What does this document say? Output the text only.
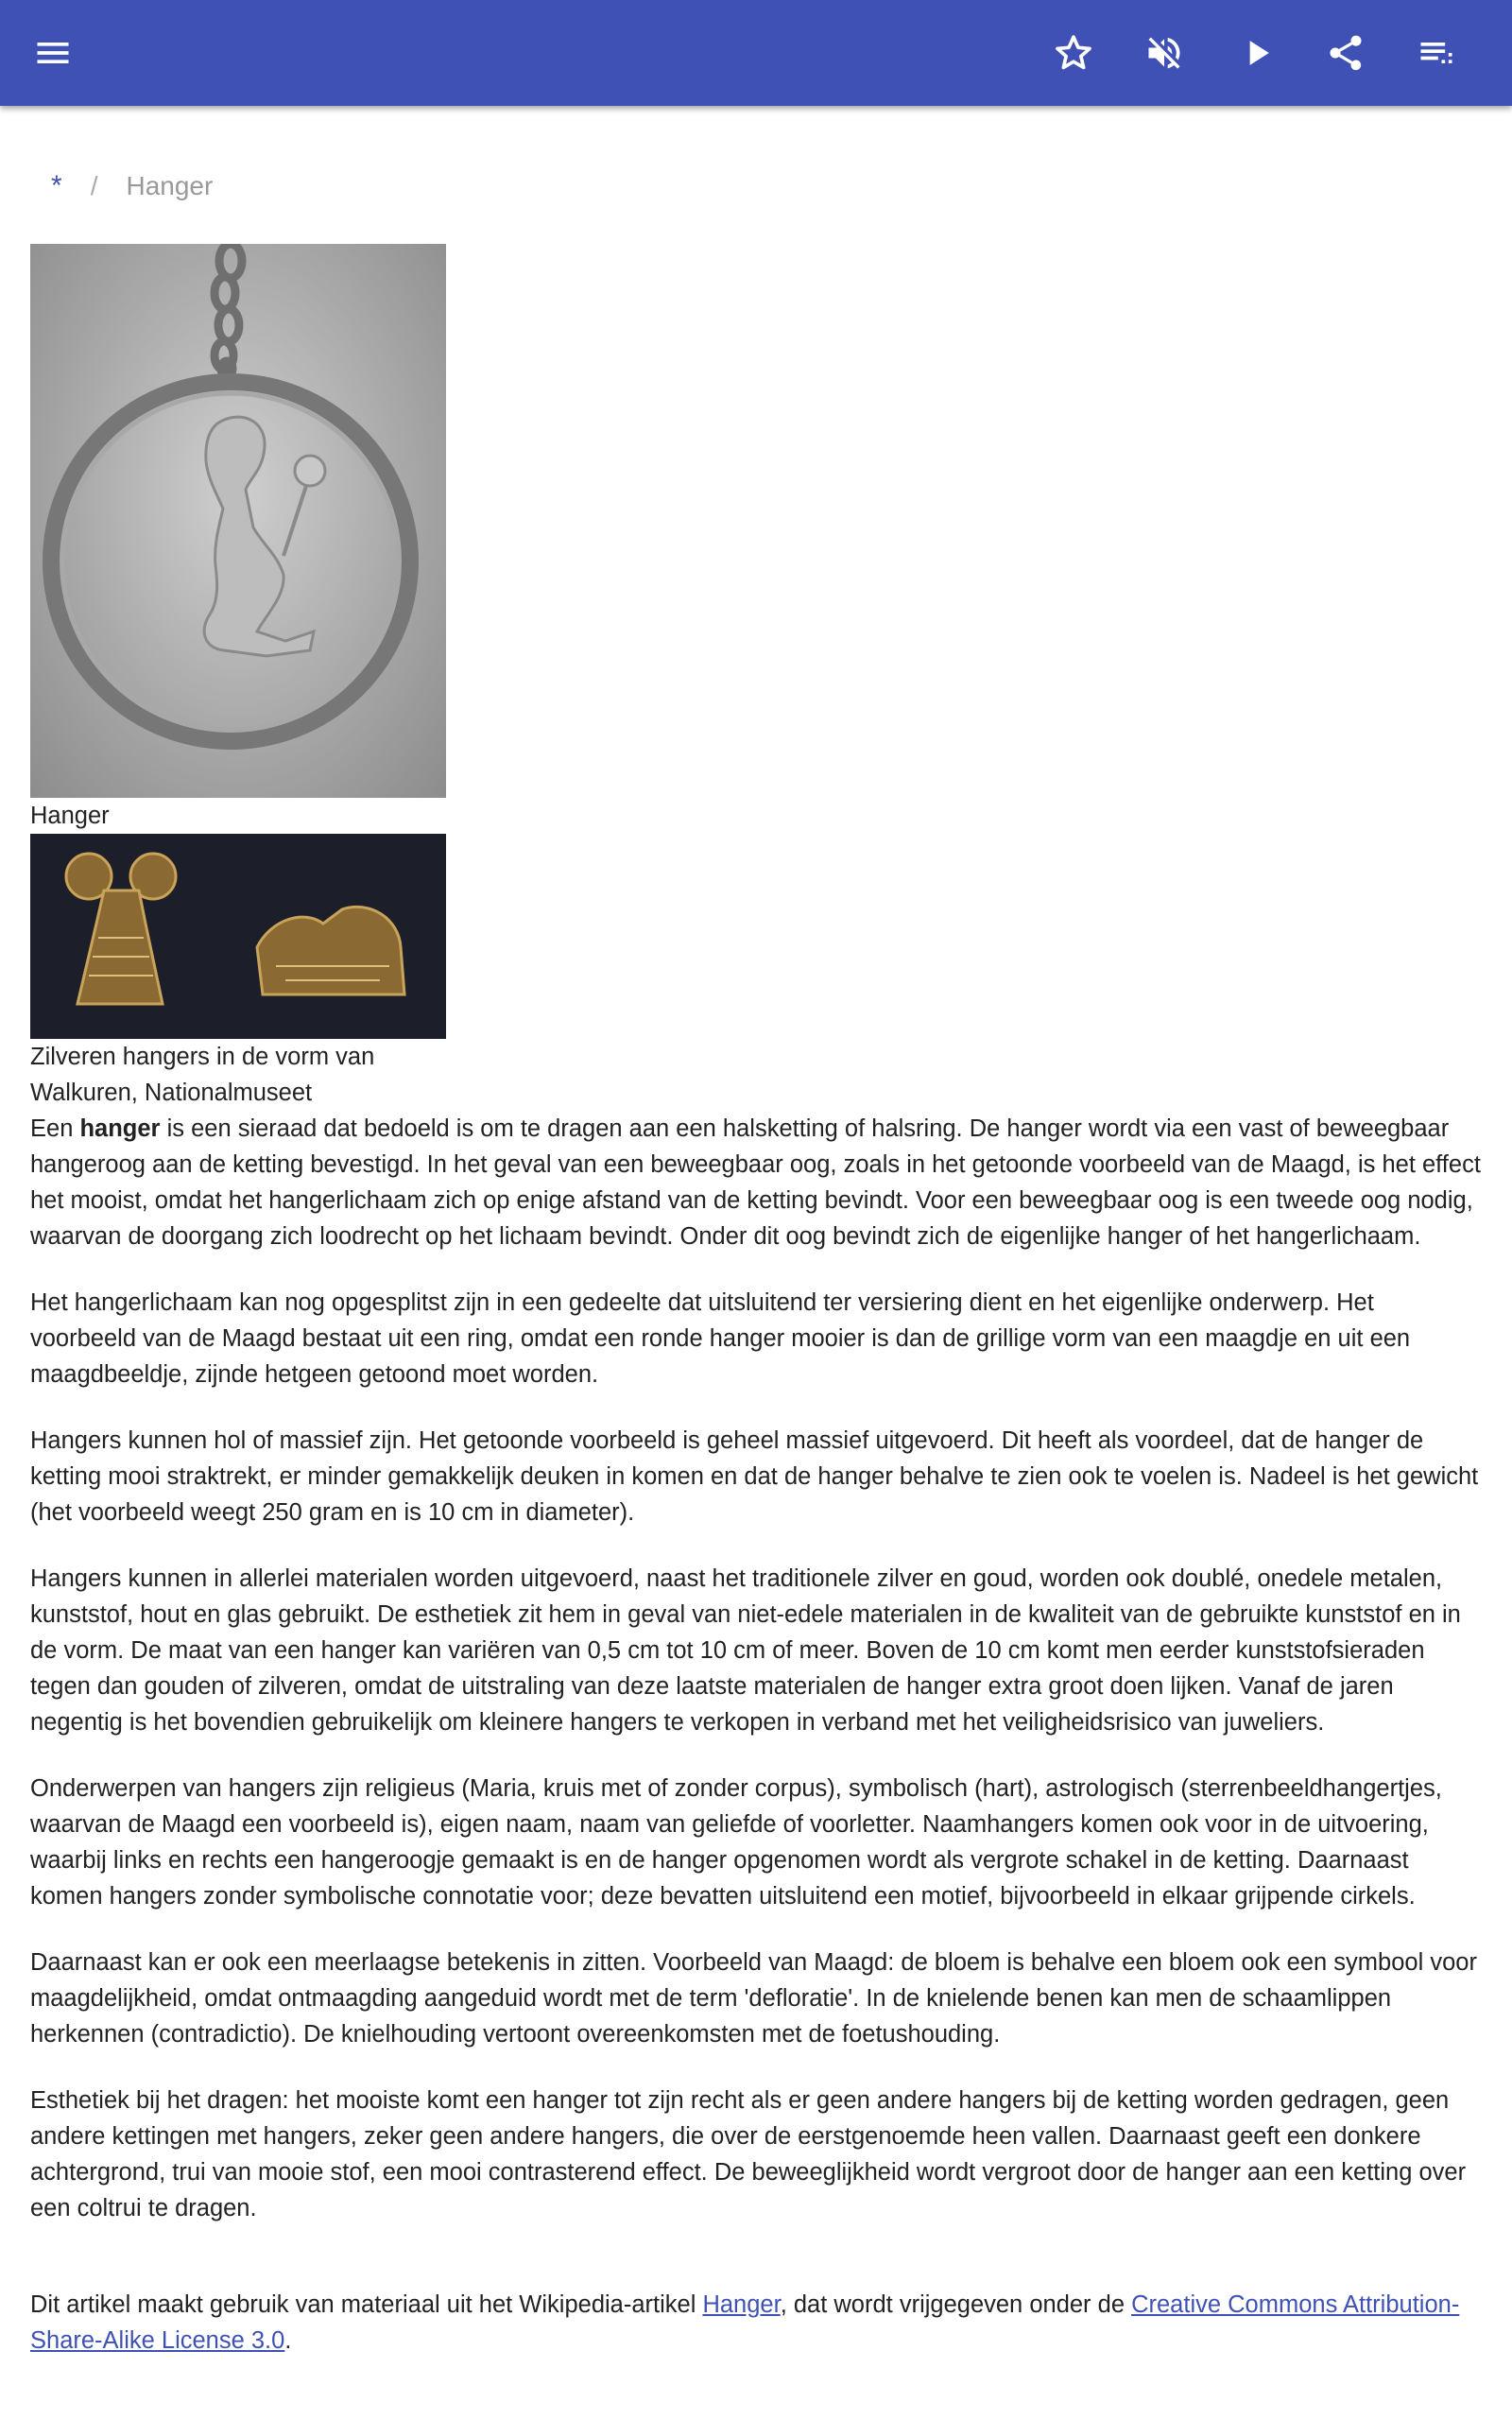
* / Hanger
Hanger
Zilveren hangers in de vorm van Walkuren, Nationalmuseet

Een hanger is een sieraad dat bedoeld is om te dragen aan een halsketting of halsring. De hanger wordt via een vast of beweegbaar hangeroog aan de ketting bevestigd. In het geval van een beweegbaar oog, zoals in het getoonde voorbeeld van de Maagd, is het effect het mooist, omdat het hangerlichaam zich op enige afstand van de ketting bevindt. Voor een beweegbaar oog is een tweede oog nodig, waarvan de doorgang zich loodrecht op het lichaam bevindt. Onder dit oog bevindt zich de eigenlijke hanger of het hangerlichaam.

Het hangerlichaam kan nog opgesplitst zijn in een gedeelte dat uitsluitend ter versiering dient en het eigenlijke onderwerp. Het voorbeeld van de Maagd bestaat uit een ring, omdat een ronde hanger mooier is dan de grillige vorm van een maagdje en uit een maagdbeeldje, zijnde hetgeen getoond moet worden.

Hangers kunnen hol of massief zijn. Het getoonde voorbeeld is geheel massief uitgevoerd. Dit heeft als voordeel, dat de hanger de ketting mooi straktrekt, er minder gemakkelijk deuken in komen en dat de hanger behalve te zien ook te voelen is. Nadeel is het gewicht (het voorbeeld weegt 250 gram en is 10 cm in diameter).

Hangers kunnen in allerlei materialen worden uitgevoerd, naast het traditionele zilver en goud, worden ook doublé, onedele metalen, kunststof, hout en glas gebruikt. De esthetiek zit hem in geval van niet-edele materialen in de kwaliteit van de gebruikte kunststof en in de vorm. De maat van een hanger kan variëren van 0,5 cm tot 10 cm of meer. Boven de 10 cm komt men eerder kunststofsieraden tegen dan gouden of zilveren, omdat de uitstraling van deze laatste materialen de hanger extra groot doen lijken. Vanaf de jaren negentig is het bovendien gebruikelijk om kleinere hangers te verkopen in verband met het veiligheidsrisico van juweliers.

Onderwerpen van hangers zijn religieus (Maria, kruis met of zonder corpus), symbolisch (hart), astrologisch (sterrenbeeldhangertjes, waarvan de Maagd een voorbeeld is), eigen naam, naam van geliefde of voorletter. Naamhangers komen ook voor in de uitvoering, waarbij links en rechts een hangeroogje gemaakt is en de hanger opgenomen wordt als vergrote schakel in de ketting. Daarnaast komen hangers zonder symbolische connotatie voor; deze bevatten uitsluitend een motief, bijvoorbeeld in elkaar grijpende cirkels.

Daarnaast kan er ook een meerlaagse betekenis in zitten. Voorbeeld van Maagd: de bloem is behalve een bloem ook een symbool voor maagdelijkheid, omdat ontmaagding aangeduid wordt met de term 'defloratie'. In de knielende benen kan men de schaamlippen herkennen (contradictio). De knielhouding vertoont overeenkomsten met de foetushouding.

Esthetiek bij het dragen: het mooiste komt een hanger tot zijn recht als er geen andere hangers bij de ketting worden gedragen, geen andere kettingen met hangers, zeker geen andere hangers, die over de eerstgenoemde heen vallen. Daarnaast geeft een donkere achtergrond, trui van mooie stof, een mooi contrasterend effect. De beweeglijkheid wordt vergroot door de hanger aan een ketting over een coltrui te dragen.

Dit artikel maakt gebruik van materiaal uit het Wikipedia-artikel Hanger, dat wordt vrijgegeven onder de Creative Commons Attribution-Share-Alike License 3.0.
